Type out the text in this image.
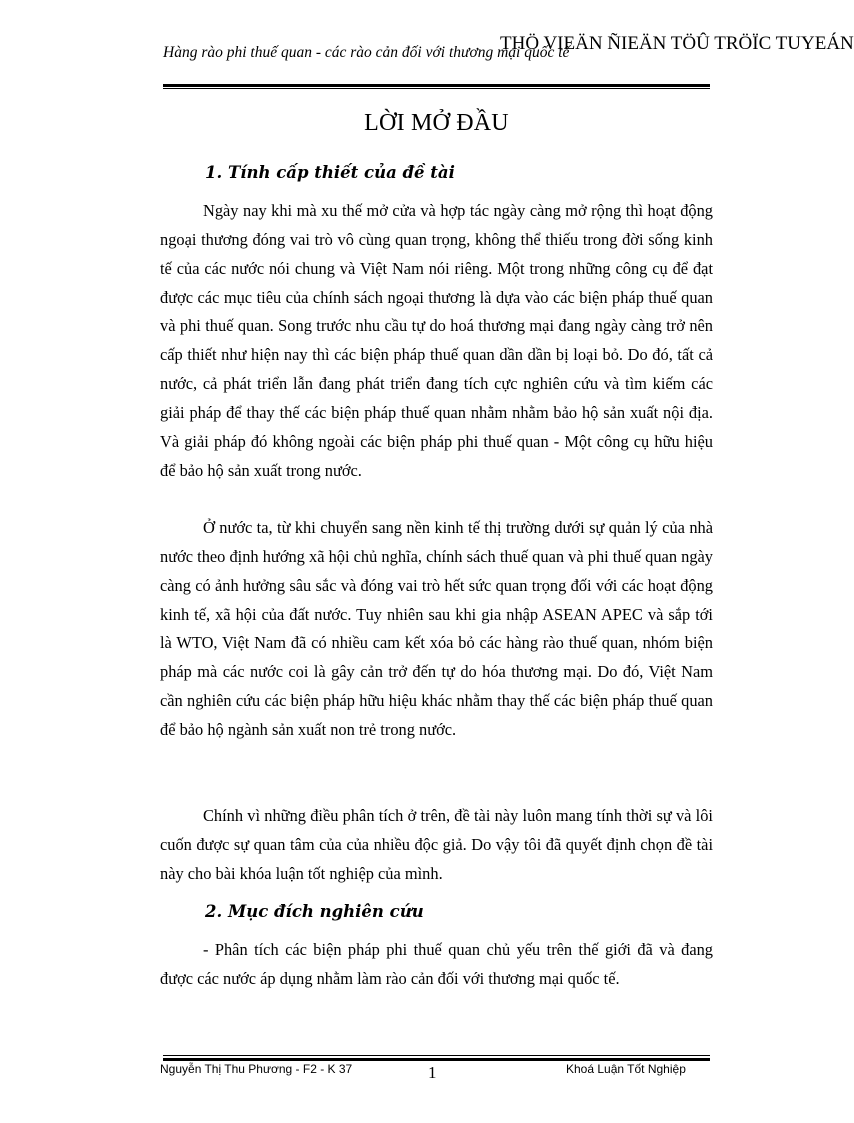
Hàng rào phi thuế quan - các rào cản đối với thương mại quốc tế
THÖ VIEÄN ÑIEÄN TÖÛ TRÖÏC TUYEÁN
LỜI MỞ ĐẦU
1. Tính cấp thiết của đề tài

Ngày nay khi mà xu thế mở cửa và hợp tác ngày càng mở rộng thì hoạt động ngoại thương đóng vai trò vô cùng quan trọng, không thể thiếu trong đời sống kinh tế của các nước nói chung và Việt Nam nói riêng. Một trong những công cụ để đạt được các mục tiêu của chính sách ngoại thương là dựa vào các biện pháp thuế quan và phi thuế quan. Song trước nhu cầu tự do hoá thương mại đang ngày càng trở nên cấp thiết như hiện nay thì các biện pháp thuế quan dần dần bị loại bỏ. Do đó, tất cả nước, cả phát triển lẫn đang phát triển đang tích cực nghiên cứu và tìm kiếm các giải pháp để thay thế các biện pháp thuế quan nhằm nhằm bảo hộ sản xuất nội địa. Và giải pháp đó không ngoài các biện pháp phi thuế quan - Một công cụ hữu hiệu để bảo hộ sản xuất trong nước.

Ở nước ta, từ khi chuyển sang nền kinh tế thị trường dưới sự quản lý của nhà nước theo định hướng xã hội chủ nghĩa, chính sách thuế quan và phi thuế quan ngày càng có ảnh hưởng sâu sắc và đóng vai trò hết sức quan trọng đối với các hoạt động kinh tế, xã hội của đất nước. Tuy nhiên sau khi gia nhập ASEAN APEC và sắp tới là WTO, Việt Nam đã có nhiều cam kết xóa bỏ các hàng rào thuế quan, nhóm biện pháp mà các nước coi là gây cản trở đến tự do hóa thương mại. Do đó, Việt Nam cần nghiên cứu các biện pháp hữu hiệu khác nhằm thay thế các biện pháp thuế quan để bảo hộ ngành sản xuất non trẻ trong nước.

Chính vì những điều phân tích ở trên, đề tài này luôn mang tính thời sự và lôi cuốn được sự quan tâm của của nhiều độc giả. Do vậy tôi đã quyết định chọn đề tài này cho bài khóa luận tốt nghiệp của mình.

2. Mục đích nghiên cứu

- Phân tích các biện pháp phi thuế quan chủ yếu trên thế giới đã và đang được các nước áp dụng nhằm làm rào cản đối với thương mại quốc tế.

Nguyễn Thị Thu Phương - F2 - K 37	1	Khoá Luận Tốt Nghiệp
